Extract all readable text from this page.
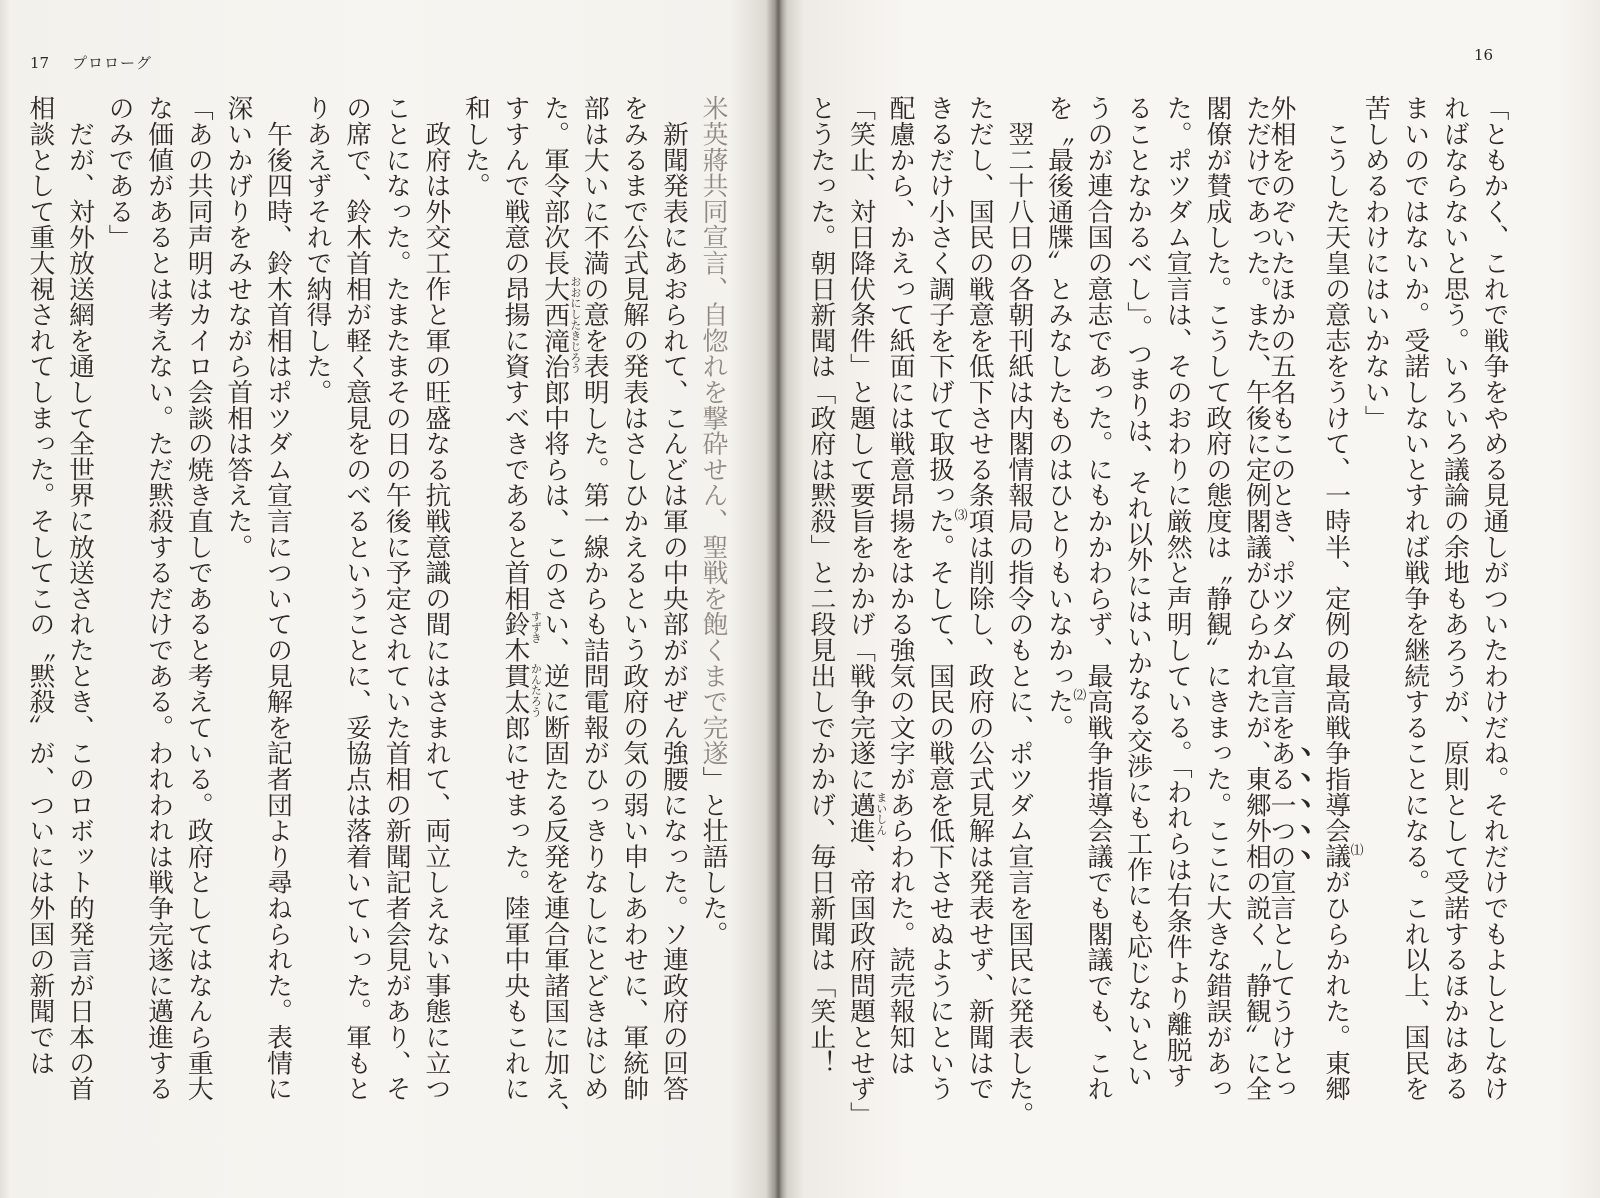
17 プロローグ
米英蔣共同宣言、自惚れを撃砕せん、聖戦を飽くまで完遂」と壮語した。
　新聞発表にあおられて、こんどは軍の中央部ががぜん強腰になった。ソ連政府の回答
をみるまで公式見解の発表はさしひかえるという政府の気の弱い申しあわせに、軍統帥
部は大いに不満の意を表明した。第一線からも詰問電報がひっきりなしにとどきはじめ
た。軍令部次長大西滝治郎 おおにしたきじろう
中将らは、このさい、逆に断固たる反発を連合軍諸国に加え、
すすんで戦意の昂揚に資すべきであると首相鈴木 すずき
貫太郎 かんたろう
にせまった。陸軍中央もこれに
和した。
　政府は外交工作と軍の旺盛なる抗戦意識の間にはさまれて、両立しえない事態に立つ
ことになった。たまたまその日の午後に予定されていた首相の新聞記者会見があり、そ
の席で、鈴木首相が軽く意見をのべるということに、妥協点は落着いていった。軍もと
りあえずそれで納得した。
　午後四時、鈴木首相はポツダム宣言についての見解を記者団より尋ねられた。表情に
深いかげりをみせながら首相は答えた。
「あの共同声明はカイロ会談の焼き直しであると考えている。政府としてはなんら重大
な価値があるとは考えない。ただ黙殺するだけである。われわれは戦争完遂に邁進する
のみである」
　だが、対外放送網を通して全世界に放送されたとき、このロボット的発言が日本の首
相談として重大視されてしまった。そしてこの〝黙殺〟が、ついには外国の新聞では
16
「ともかく、これで戦争をやめる見通しがついたわけだね。それだけでもよしとしなけ
ればならないと思う。いろいろ議論の余地もあろうが、原則として受諾するほかはある
まいのではないか。受諾しないとすれば戦争を継続することになる。これ以上、国民を
苦しめるわけにはいかない」
　こうした天皇の意志をうけて、一時半、定例の最高戦争指導会議
⑴
がひらかれた。東郷
外相をのぞいたほかの五名もこのとき、ポツダム宣言をある一つの宣言としてうけとっ
ただけであった。また、午後に定例閣議がひらかれたが、東郷外相の説く〝静観〟に全
閣僚が賛成した。こうして政府の態度は〝静観〟にきまった。ここに大きな錯誤があっ
た。ポツダム宣言は、そのおわりに厳然と声明している。「われらは右条件より離脱す
ることなかるべし」。つまりは、それ以外にはいかなる交渉にも工作にも応じないとい
うのが連合国の意志であった。にもかかわらず、最高戦争指導会議でも閣議でも、これ
を〝最後通牒〟とみなしたものはひとりもいなかった
⑵
。
　翌二十八日の各朝刊紙は内閣情報局の指令のもとに、ポツダム宣言を国民に発表した。
ただし、国民の戦意を低下させる条項は削除し、政府の公式見解は発表せず、新聞はで
きるだけ小さく調子を下げて取扱った
⑶
。そして、国民の戦意を低下させぬようにという
配慮から、かえって紙面には戦意昂揚をはかる強気の文字があらわれた。読売報知は
「笑止、対日降伏条件」と題して要旨をかかげ「戦争完遂に邁進 まいしん
、帝国政府問題とせず」
とうたった。朝日新聞は「政府は黙殺」と二段見出しでかかげ、毎日新聞は「笑止！
